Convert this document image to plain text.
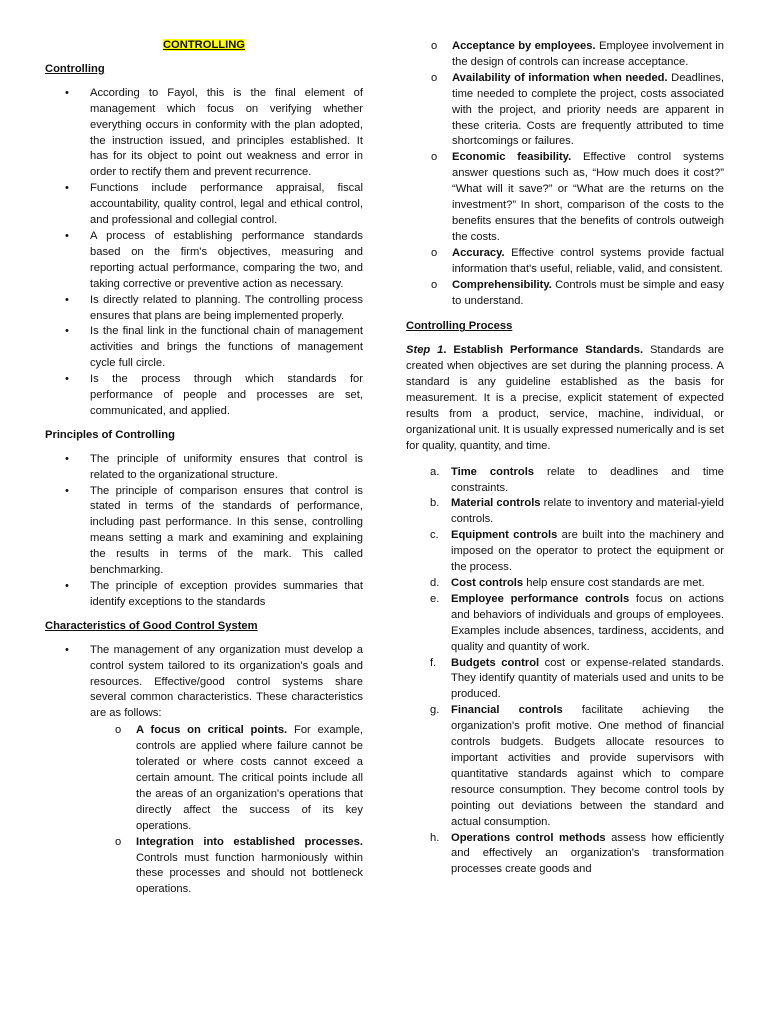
CONTROLLING
Controlling
• According to Fayol, this is the final element of management which focus on verifying whether everything occurs in conformity with the plan adopted, the instruction issued, and principles established. It has for its object to point out weakness and error in order to rectify them and prevent recurrence.
• Functions include performance appraisal, fiscal accountability, quality control, legal and ethical control, and professional and collegial control.
• A process of establishing performance standards based on the firm's objectives, measuring and reporting actual performance, comparing the two, and taking corrective or preventive action as necessary.
• Is directly related to planning. The controlling process ensures that plans are being implemented properly.
• Is the final link in the functional chain of management activities and brings the functions of management cycle full circle.
• Is the process through which standards for performance of people and processes are set, communicated, and applied.
Principles of Controlling
• The principle of uniformity ensures that control is related to the organizational structure.
• The principle of comparison ensures that control is stated in terms of the standards of performance, including past performance. In this sense, controlling means setting a mark and examining and explaining the results in terms of the mark. This called benchmarking.
• The principle of exception provides summaries that identify exceptions to the standards
Characteristics of Good Control System
• The management of any organization must develop a control system tailored to its organization's goals and resources. Effective/good control systems share several common characteristics. These characteristics are as follows:
o A focus on critical points. For example, controls are applied where failure cannot be tolerated or where costs cannot exceed a certain amount. The critical points include all the areas of an organization's operations that directly affect the success of its key operations.
o Integration into established processes. Controls must function harmoniously within these processes and should not bottleneck operations.
o Acceptance by employees. Employee involvement in the design of controls can increase acceptance.
o Availability of information when needed. Deadlines, time needed to complete the project, costs associated with the project, and priority needs are apparent in these criteria. Costs are frequently attributed to time shortcomings or failures.
o Economic feasibility. Effective control systems answer questions such as, “How much does it cost?” “What will it save?” or “What are the returns on the investment?” In short, comparison of the costs to the benefits ensures that the benefits of controls outweigh the costs.
o Accuracy. Effective control systems provide factual information that's useful, reliable, valid, and consistent.
o Comprehensibility. Controls must be simple and easy to understand.
Controlling Process
Step 1. Establish Performance Standards. Standards are created when objectives are set during the planning process. A standard is any guideline established as the basis for measurement. It is a precise, explicit statement of expected results from a product, service, machine, individual, or organizational unit. It is usually expressed numerically and is set for quality, quantity, and time.
a. Time controls relate to deadlines and time constraints.
b. Material controls relate to inventory and material-yield controls.
c. Equipment controls are built into the machinery and imposed on the operator to protect the equipment or the process.
d. Cost controls help ensure cost standards are met.
e. Employee performance controls focus on actions and behaviors of individuals and groups of employees. Examples include absences, tardiness, accidents, and quality and quantity of work.
f. Budgets control cost or expense-related standards. They identify quantity of materials used and units to be produced.
g. Financial controls facilitate achieving the organization's profit motive. One method of financial controls budgets. Budgets allocate resources to important activities and provide supervisors with quantitative standards against which to compare resource consumption. They become control tools by pointing out deviations between the standard and actual consumption.
h. Operations control methods assess how efficiently and effectively an organization's transformation processes create goods and
